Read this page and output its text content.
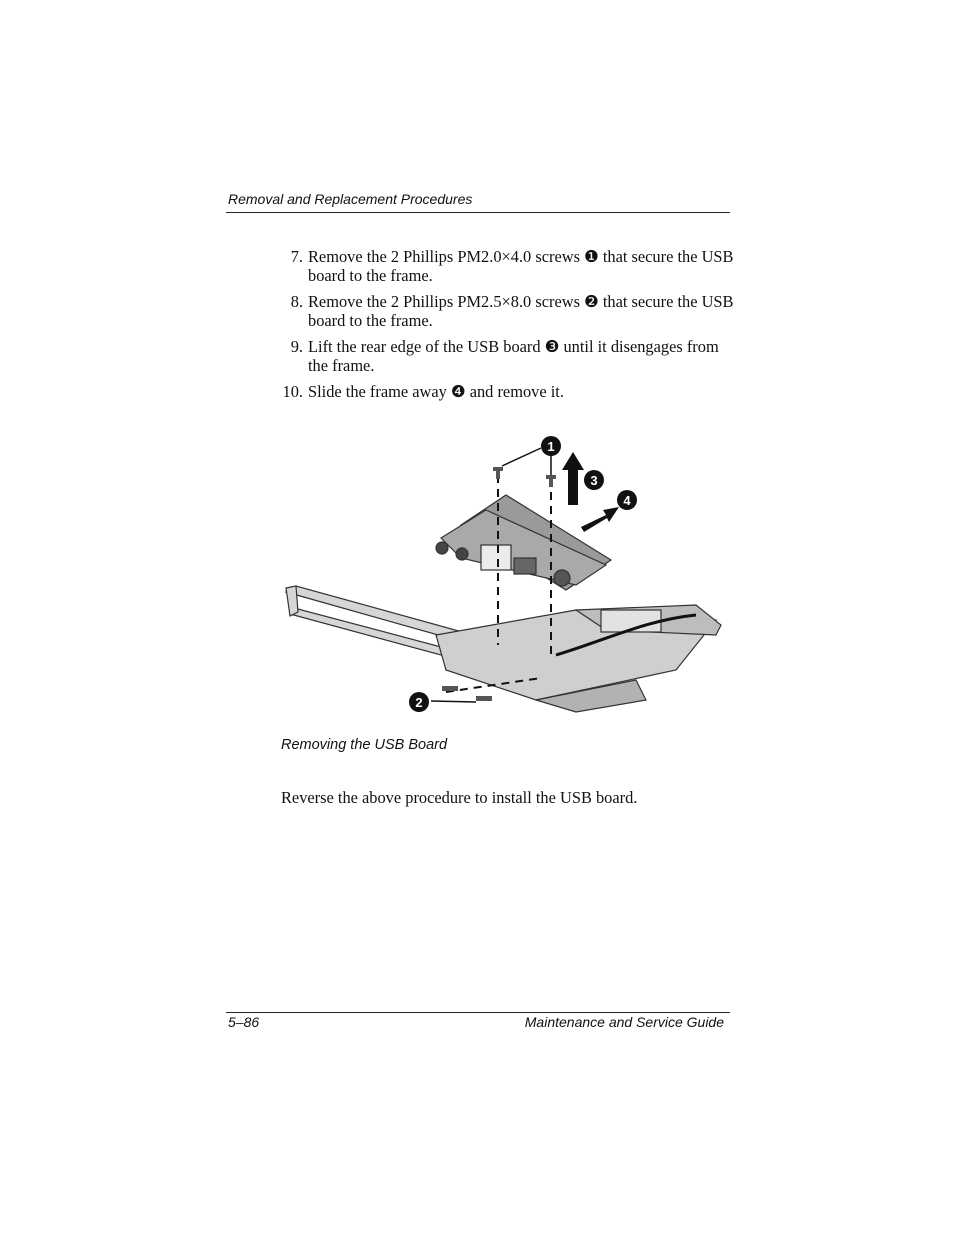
Removal and Replacement Procedures
7. Remove the 2 Phillips PM2.0×4.0 screws ❶ that secure the USB board to the frame.
8. Remove the 2 Phillips PM2.5×8.0 screws ❷ that secure the USB board to the frame.
9. Lift the rear edge of the USB board ❸ until it disengages from the frame.
10. Slide the frame away ❹ and remove it.
1
2
3
4
Removing the USB Board
Reverse the above procedure to install the USB board.
5–86	Maintenance and Service Guide
